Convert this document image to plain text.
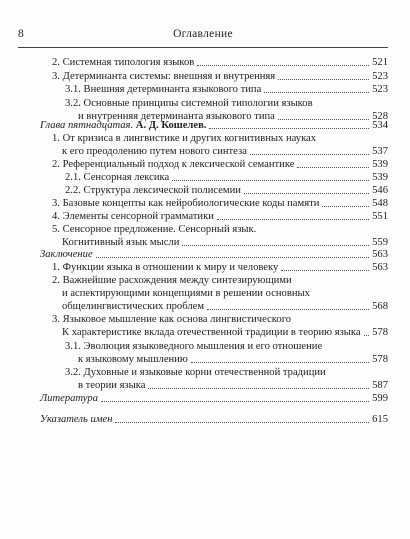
8	Оглавление
2. Системная типология языков	521
3. Детерминанта системы: внешняя и внутренняя	523
3.1. Внешняя детерминанта языкового типа	523
3.2. Основные принципы системной типологии языков
и внутренняя детерминанта языкового типа	528
Глава пятнадцатая. А. Д. Кошелев.	534
1. От кризиса в лингвистике и других когнитивных науках
к его преодолению путем нового синтеза	537
2. Референциальный подход к лексической семантике	539
2.1. Сенсорная лексика	539
2.2. Структура лексической полисемии	546
3. Базовые концепты как нейробиологические коды памяти	548
4. Элементы сенсорной грамматики	551
5. Сенсорное предложение. Сенсорный язык.
Когнитивный язык мысли	559
Заключение	563
1. Функции языка в отношении к миру и человеку	563
2. Важнейшие расхождения между синтезирующими
и аспектирующими концепциями в решении основных
общелингвистических проблем	568
3. Языковое мышление как основа лингвистического
К характеристике вклада отечественной традиции в теорию языка 578
3.1. Эволюция языковедного мышления и его отношение
к языковому мышлению	578
3.2. Духовные и языковые корни отечественной традиции
в теории языка	587
Литература	599
Указатель имен	615
